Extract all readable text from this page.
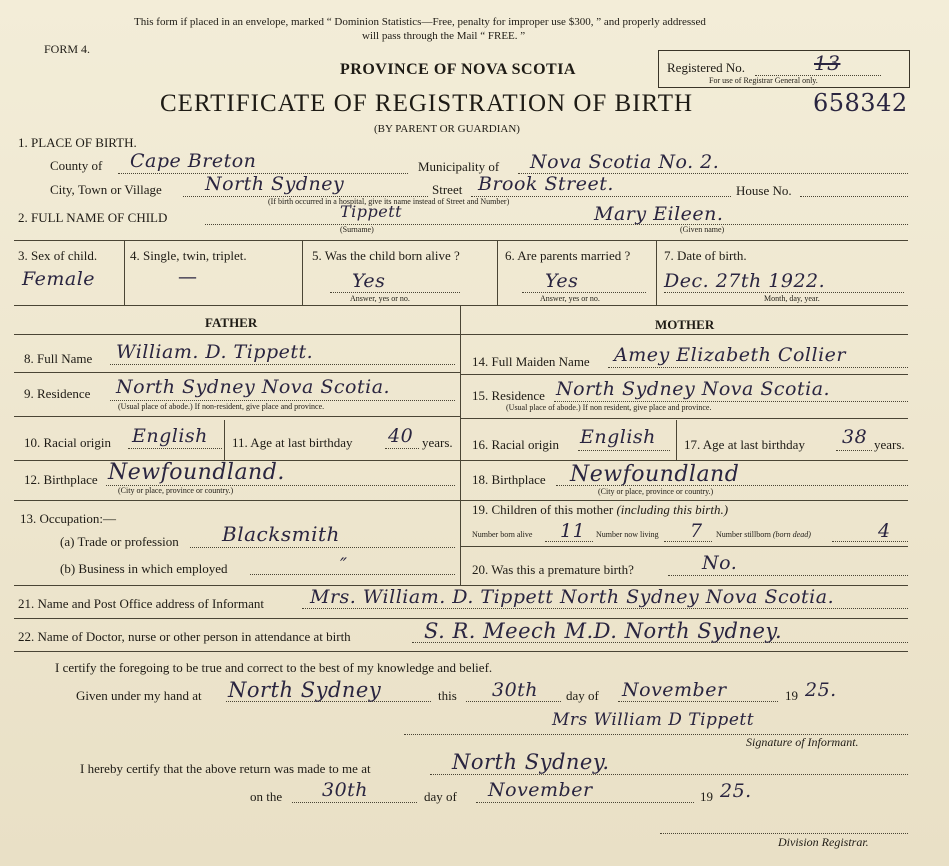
This form if placed in an envelope, marked “ Dominion Statistics—Free, penalty for improper use $300, ” and properly addressed
will pass through the Mail “ FREE. ”
FORM 4.
PROVINCE OF NOVA SCOTIA
CERTIFICATE OF REGISTRATION OF BIRTH
(BY PARENT OR GUARDIAN)
Registered No.	13
For use of Registrar General only.
658342
1. PLACE OF BIRTH.
County of Cape Breton	Municipality of Nova Scotia No. 2.
City, Town or Village North Sydney	Street Brook Street.	House No.
(If birth occurred in a hospital, give its name instead of Street and Number)
2. FULL NAME OF CHILD	Tippett
(Surname)
Mary Eileen.
(Given name)
3. Sex of child.
Female
4. Single, twin, triplet.
—
5. Was the child born alive ?
Yes
Answer, yes or no.
6. Are parents married ?
Yes
Answer, yes or no.
7. Date of birth.
Dec. 27th 1922.
Month, day, year.
FATHER	MOTHER
8. Full Name William. D. Tippett.
9. Residence North Sydney Nova Scotia.
(Usual place of abode.) If non-resident, give place and province.
10. Racial origin English 11. Age at last birthday 40 years.
12. Birthplace Newfoundland.
(City or place, province or country.)
13. Occupation:—
(a) Trade or profession Blacksmith
(b) Business in which employed	″
14. Full Maiden Name Amey Elizabeth Collier
15. Residence North Sydney Nova Scotia.
(Usual place of abode.) If non resident, give place and province.
16. Racial origin English 17. Age at last birthday 38 years.
18. Birthplace Newfoundland
(City or place, province or country.)
19. Children of this mother (including this birth.)
Number born alive 11 Number now living 7 Number stillborn (born dead)	4
20. Was this a premature birth?	No.
21. Name and Post Office address of Informant Mrs. William. D. Tippett North Sydney Nova Scotia.
22. Name of Doctor, nurse or other person in attendance at birth	S. R. Meech M.D. North Sydney.
I certify the foregoing to be true and correct to the best of my knowledge and belief.
Given under my hand at North Sydney	this 30th day of November	19 25.
Mrs William D Tippett
Signature of Informant.
I hereby certify that the above return was made to me at	North Sydney.
on the 30th	day of November	19 25.
Division Registrar.
